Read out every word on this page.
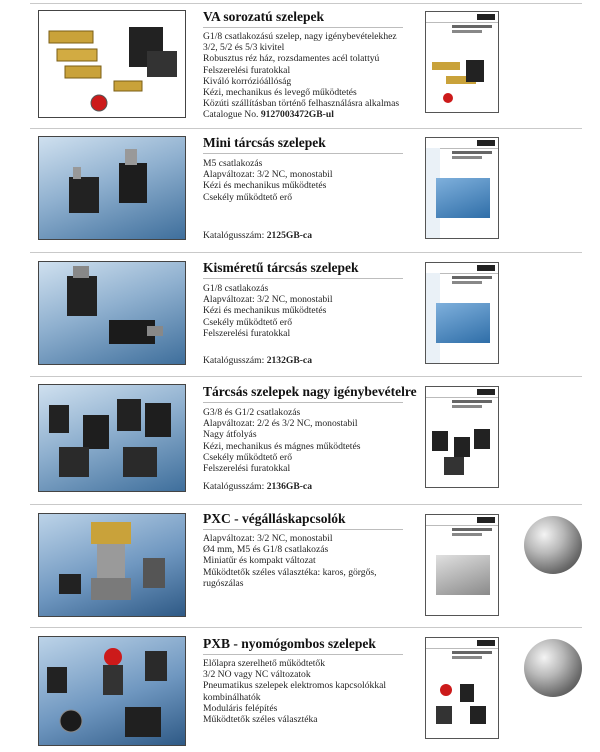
VA sorozatú szelepek
G1/8 csatlakozású szelep, nagy igénybevételekhez
3/2, 5/2 és 5/3 kivitel
Robusztus réz ház, rozsdamentes acél tolattyú
Felszerelési furatokkal
Kiváló korrózióállóság
Kézi, mechanikus és levegő működtetés
Közúti szállításban történő felhasználásra alkalmas
Catalogue No. 9127003472GB-ul
Mini tárcsás szelepek
M5 csatlakozás
Alapváltozat: 3/2 NC, monostabil
Kézi és mechanikus működtetés
Csekély működtető erő
Katalógusszám: 2125GB-ca
Kisméretű tárcsás szelepek
G1/8 csatlakozás
Alapváltozat: 3/2 NC, monostabil
Kézi és mechanikus működtetés
Csekély működtető erő
Felszerelési furatokkal
Katalógusszám: 2132GB-ca
Tárcsás szelepek nagy igénybevételre
G3/8 és G1/2 csatlakozás
Alapváltozat: 2/2 és 3/2 NC, monostabil
Nagy átfolyás
Kézi, mechanikus és mágnes működtetés
Csekély működtető erő
Felszerelési furatokkal
Katalógusszám: 2136GB-ca
PXC - végálláskapcsolók
Alapváltozat: 3/2 NC, monostabil
Ø4 mm, M5 és G1/8 csatlakozás
Miniatűr és kompakt változat
Működtetők széles választéka: karos, görgős,
rugószálas
PXB - nyomógombos szelepek
Előlapra szerelhető működtetők
3/2 NO vagy NC változatok
Pneumatikus szelepek elektromos kapcsolókkal
kombinálhatók
Moduláris felépítés
Működtetők széles választéka
